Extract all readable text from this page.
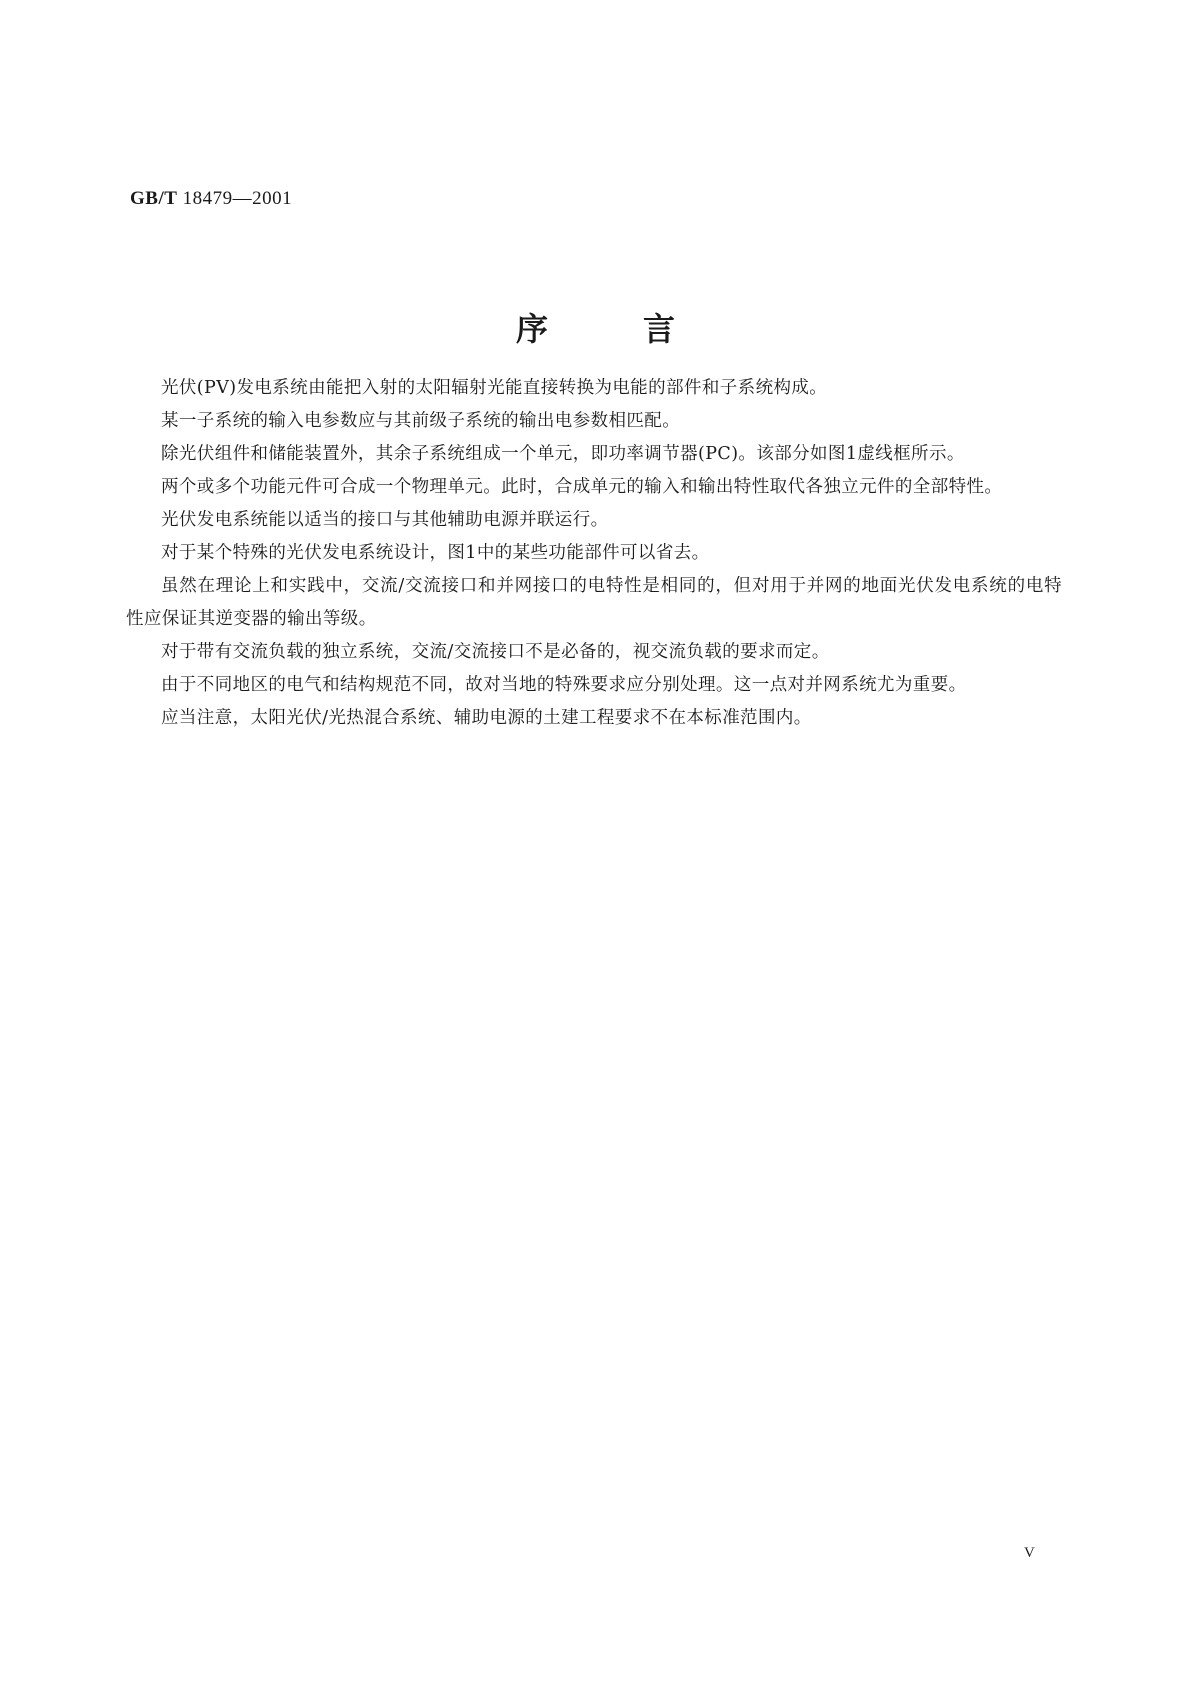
GB/T 18479—2001
序	言

光伏(PV)发电系统由能把入射的太阳辐射光能直接转换为电能的部件和子系统构成。

某一子系统的输入电参数应与其前级子系统的输出电参数相匹配。

除光伏组件和储能装置外，其余子系统组成一个单元，即功率调节器(PC)。该部分如图1虚线框所示。

两个或多个功能元件可合成一个物理单元。此时，合成单元的输入和输出特性取代各独立元件的全部特性。

光伏发电系统能以适当的接口与其他辅助电源并联运行。

对于某个特殊的光伏发电系统设计，图1中的某些功能部件可以省去。

虽然在理论上和实践中，交流/交流接口和并网接口的电特性是相同的，但对用于并网的地面光伏发电系统的电特性应保证其逆变器的输出等级。

对于带有交流负载的独立系统，交流/交流接口不是必备的，视交流负载的要求而定。

由于不同地区的电气和结构规范不同，故对当地的特殊要求应分别处理。这一点对并网系统尤为重要。

应当注意，太阳光伏/光热混合系统、辅助电源的土建工程要求不在本标准范围内。

V
